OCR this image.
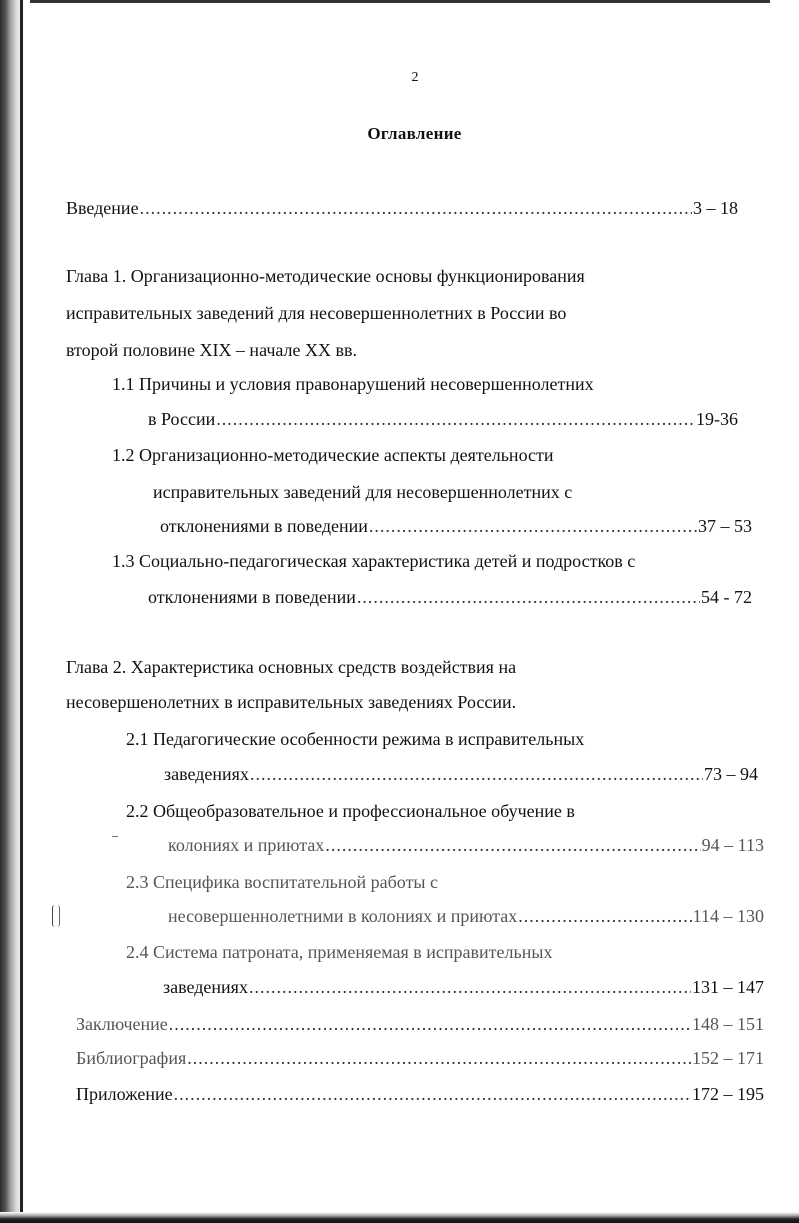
2
Оглавление
Введение .....	3 – 18
Глава 1. Организационно-методические основы функционирования
исправительных заведений для несовершеннолетних в России во
второй половине XIX – начале XX вв.
1.1 Причины и условия правонарушений несовершеннолетних
в России .....	19-36
1.2 Организационно-методические аспекты деятельности
исправительных заведений для несовершеннолетних с
отклонениями в поведении .....	37 – 53
1.3 Социально-педагогическая характеристика детей и подростков с
отклонениями в поведении .....	54 - 72
Глава 2. Характеристика основных средств воздействия на
несовершенолетних в исправительных заведениях России.
2.1 Педагогические особенности режима в исправительных
заведениях .....	73 – 94
2.2 Общеобразовательное и профессиональное обучение в
колониях и приютах .....	94 – 113
2.3 Специфика воспитательной работы с
несовершеннолетними в колониях и приютах .....	114 – 130
2.4 Система патроната, применяемая в исправительных
заведениях .....	131 – 147
Заключение .....	148 – 151
Библиография .....	152 – 171
Приложение .....	172 – 195
